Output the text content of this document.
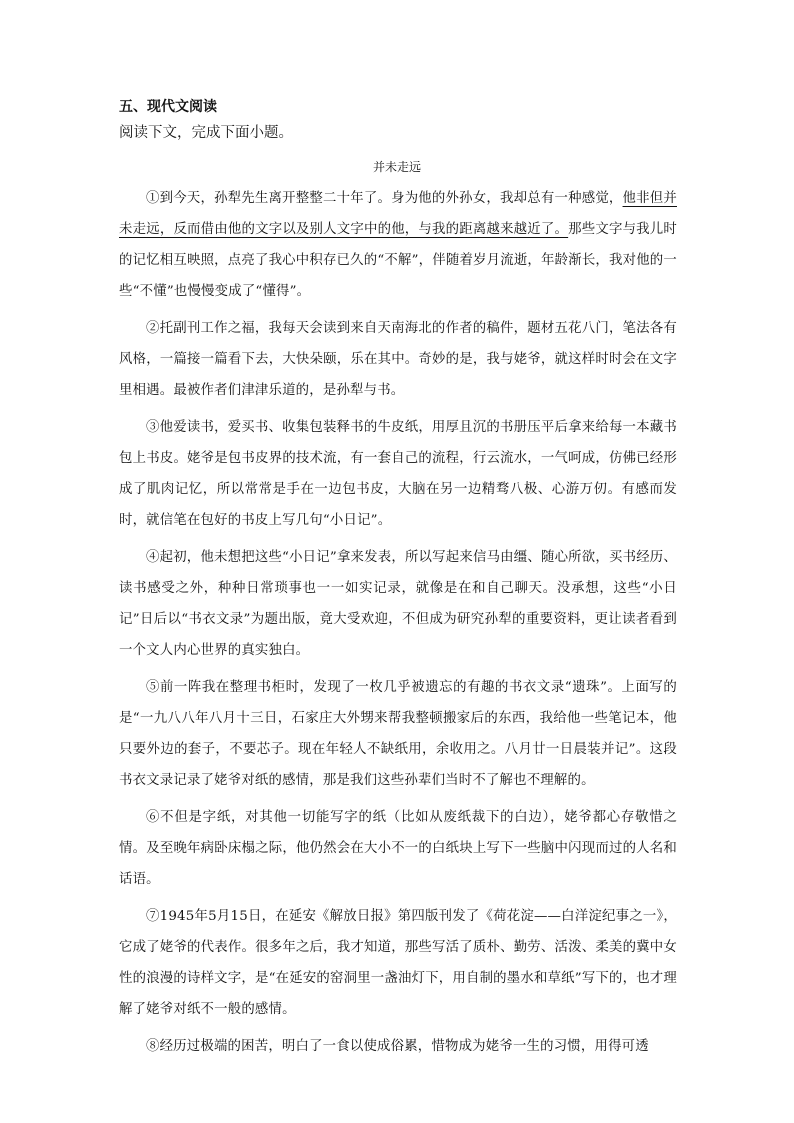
五、现代文阅读
阅读下文，完成下面小题。
并未走远

①到今天，孙犁先生离开整整二十年了。身为他的外孙女，我却总有一种感觉，他非但并未走远，反而借由他的文字以及别人文字中的他，与我的距离越来越近了。那些文字与我儿时的记忆相互映照，点亮了我心中积存已久的“不解”，伴随着岁月流逝，年龄渐长，我对他的一些“不懂”也慢慢变成了“懂得”。

②托副刊工作之福，我每天会读到来自天南海北的作者的稿件，题材五花八门，笔法各有风格，一篇接一篇看下去，大快朵颐，乐在其中。奇妙的是，我与姥爷，就这样时时会在文字里相遇。最被作者们津津乐道的，是孙犁与书。

③他爱读书，爱买书、收集包装释书的牛皮纸，用厚且沉的书册压平后拿来给每一本藏书包上书皮。姥爷是包书皮界的技术流，有一套自己的流程，行云流水，一气呵成，仿佛已经形成了肌肉记忆，所以常常是手在一边包书皮，大脑在另一边精骛八极、心游万仞。有感而发时，就信笔在包好的书皮上写几句“小日记”。

④起初，他未想把这些“小日记”拿来发表，所以写起来信马由缰、随心所欲，买书经历、读书感受之外，种种日常琐事也一一如实记录，就像是在和自己聊天。没承想，这些“小日记”日后以“书衣文录”为题出版，竟大受欢迎，不但成为研究孙犁的重要资料，更让读者看到一个文人内心世界的真实独白。

⑤前一阵我在整理书柜时，发现了一枚几乎被遗忘的有趣的书衣文录“遗珠”。上面写的是“一九八八年八月十三日，石家庄大外甥来帮我整顿搬家后的东西，我给他一些笔记本，他只要外边的套子，不要芯子。现在年轻人不缺纸用，余收用之。八月廿一日晨装并记”。这段书衣文录记录了姥爷对纸的感情，那是我们这些孙辈们当时不了解也不理解的。

⑥不但是字纸，对其他一切能写字的纸（比如从废纸裁下的白边），姥爷都心存敬惜之情。及至晚年病卧床榻之际，他仍然会在大小不一的白纸块上写下一些脑中闪现而过的人名和话语。

⑦1945年5月15日，在延安《解放日报》第四版刊发了《荷花淀——白洋淀纪事之一》，它成了姥爷的代表作。很多年之后，我才知道，那些写活了质朴、勤劳、活泼、柔美的冀中女性的浪漫的诗样文字，是“在延安的窑洞里一盏油灯下，用自制的墨水和草纸”写下的，也才理解了姥爷对纸不一般的感情。

⑧经历过极端的困苦，明白了一食以使成俗累，惜物成为姥爷一生的习惯，用得可透
